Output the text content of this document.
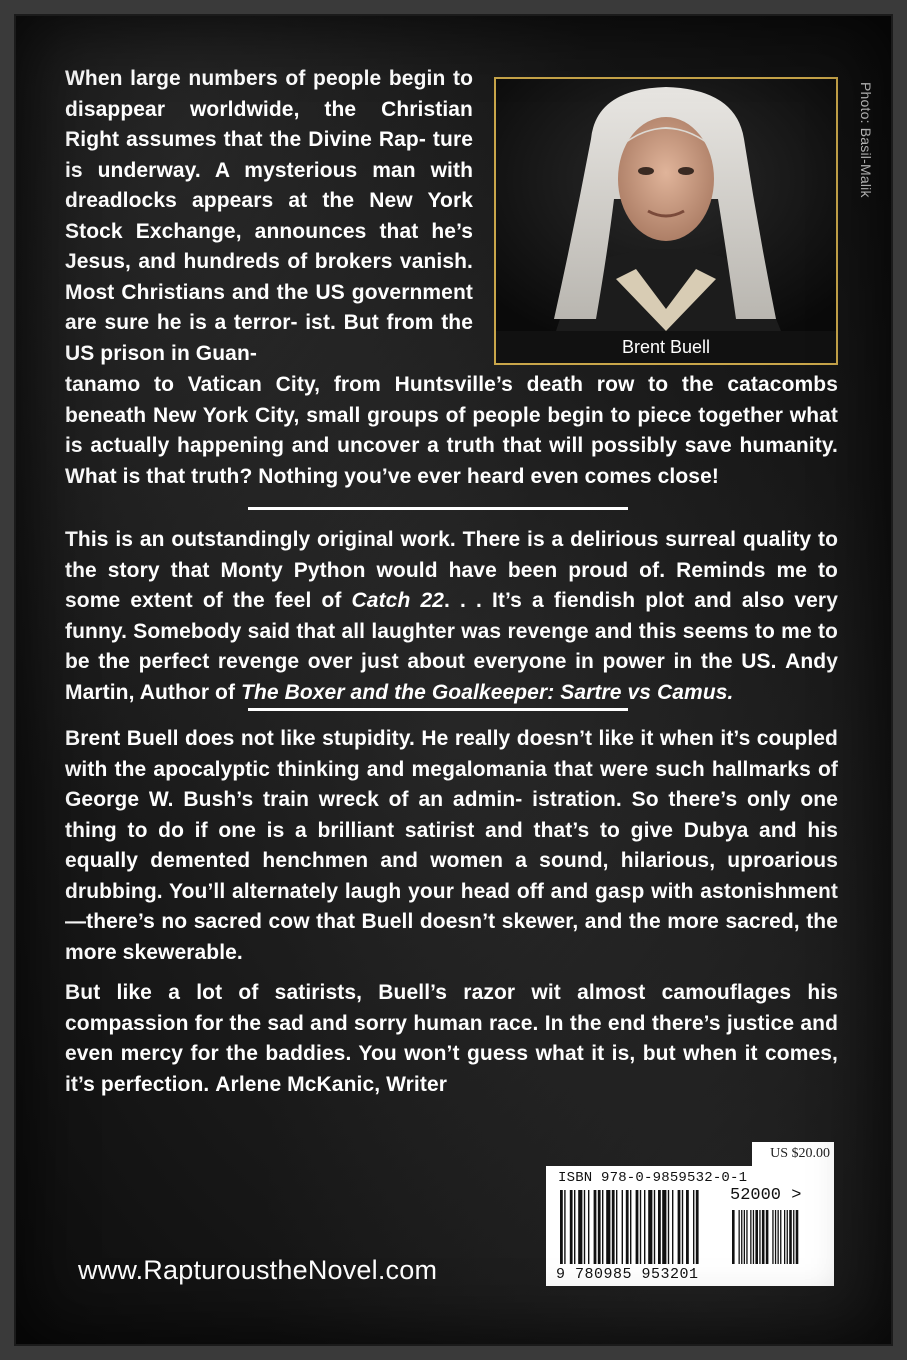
When large numbers of people begin to disappear worldwide, the Christian Right assumes that the Divine Rap- ture is underway. A mysterious man with dreadlocks appears at the New York Stock Exchange, announces that he’s Jesus, and hundreds of brokers vanish. Most Christians and the US government are sure he is a terror- ist. But from the US prison in Guan-	Brent Buell
Photo: Basil-Malik
tanamo to Vatican City, from Huntsville’s death row to the catacombs beneath New York City, small groups of people begin to piece together what is actually happening and uncover a truth that will possibly save humanity. What is that truth? Nothing you’ve ever heard even comes close!
This is an outstandingly original work. There is a delirious surreal quality to the story that Monty Python would have been proud of. Reminds me to some extent of the feel of Catch 22. . . It’s a fiendish plot and also very funny. Somebody said that all laughter was revenge and this seems to me to be the perfect revenge over just about everyone in power in the US. Andy Martin, Author of The Boxer and the Goalkeeper: Sartre vs Camus.
Brent Buell does not like stupidity. He really doesn’t like it when it’s coupled with the apocalyptic thinking and megalomania that were such hallmarks of George W. Bush’s train wreck of an admin- istration. So there’s only one thing to do if one is a brilliant satirist and that’s to give Dubya and his equally demented henchmen and women a sound, hilarious, uproarious drubbing. You’ll alternately laugh your head off and gasp with astonishment—there’s no sacred cow that Buell doesn’t skewer, and the more sacred, the more skewerable.
But like a lot of satirists, Buell’s razor wit almost camouflages his compassion for the sad and sorry human race. In the end there’s justice and even mercy for the baddies. You won’t guess what it is, but when it comes, it’s perfection. Arlene McKanic, Writer
www.RapturoustheNovel.com
US $20.00
ISBN 978-0-9859532-0-1
52000 >
9 780985 953201
